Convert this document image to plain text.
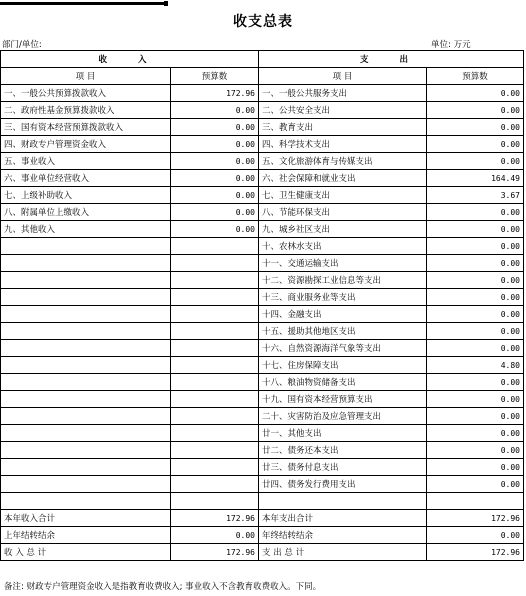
收支总表
部门/单位:	单位: 万元
收 入		支 出	
项 目	预算数	项 目	预算数
一、一般公共预算拨款收入	172.96	一、一般公共服务支出	0.00
二、政府性基金预算拨款收入	0.00	二、公共安全支出	0.00
三、国有资本经营预算拨款收入	0.00	三、教育支出	0.00
四、财政专户管理资金收入	0.00	四、科学技术支出	0.00
五、事业收入	0.00	五、文化旅游体育与传媒支出	0.00
六、事业单位经营收入	0.00	六、社会保障和就业支出	164.49
七、上级补助收入	0.00	七、卫生健康支出	3.67
八、附属单位上缴收入	0.00	八、节能环保支出	0.00
九、其他收入	0.00	九、城乡社区支出	0.00
		十、农林水支出	0.00
		十一、交通运输支出	0.00
		十二、资源勘探工业信息等支出	0.00
		十三、商业服务业等支出	0.00
		十四、金融支出	0.00
		十五、援助其他地区支出	0.00
		十六、自然资源海洋气象等支出	0.00
		十七、住房保障支出	4.80
		十八、粮油物资储备支出	0.00
		十九、国有资本经营预算支出	0.00
		二十、灾害防治及应急管理支出	0.00
		廿一、其他支出	0.00
		廿二、债务还本支出	0.00
		廿三、债务付息支出	0.00
		廿四、债务发行费用支出	0.00

本年收入合计	172.96	本年支出合计	172.96
上年结转结余	0.00	年终结转结余	0.00
收 入 总 计	172.96	支 出 总 计	172.96
备注: 财政专户管理资金收入是指教育收费收入; 事业收入不含教育收费收入。下同。
